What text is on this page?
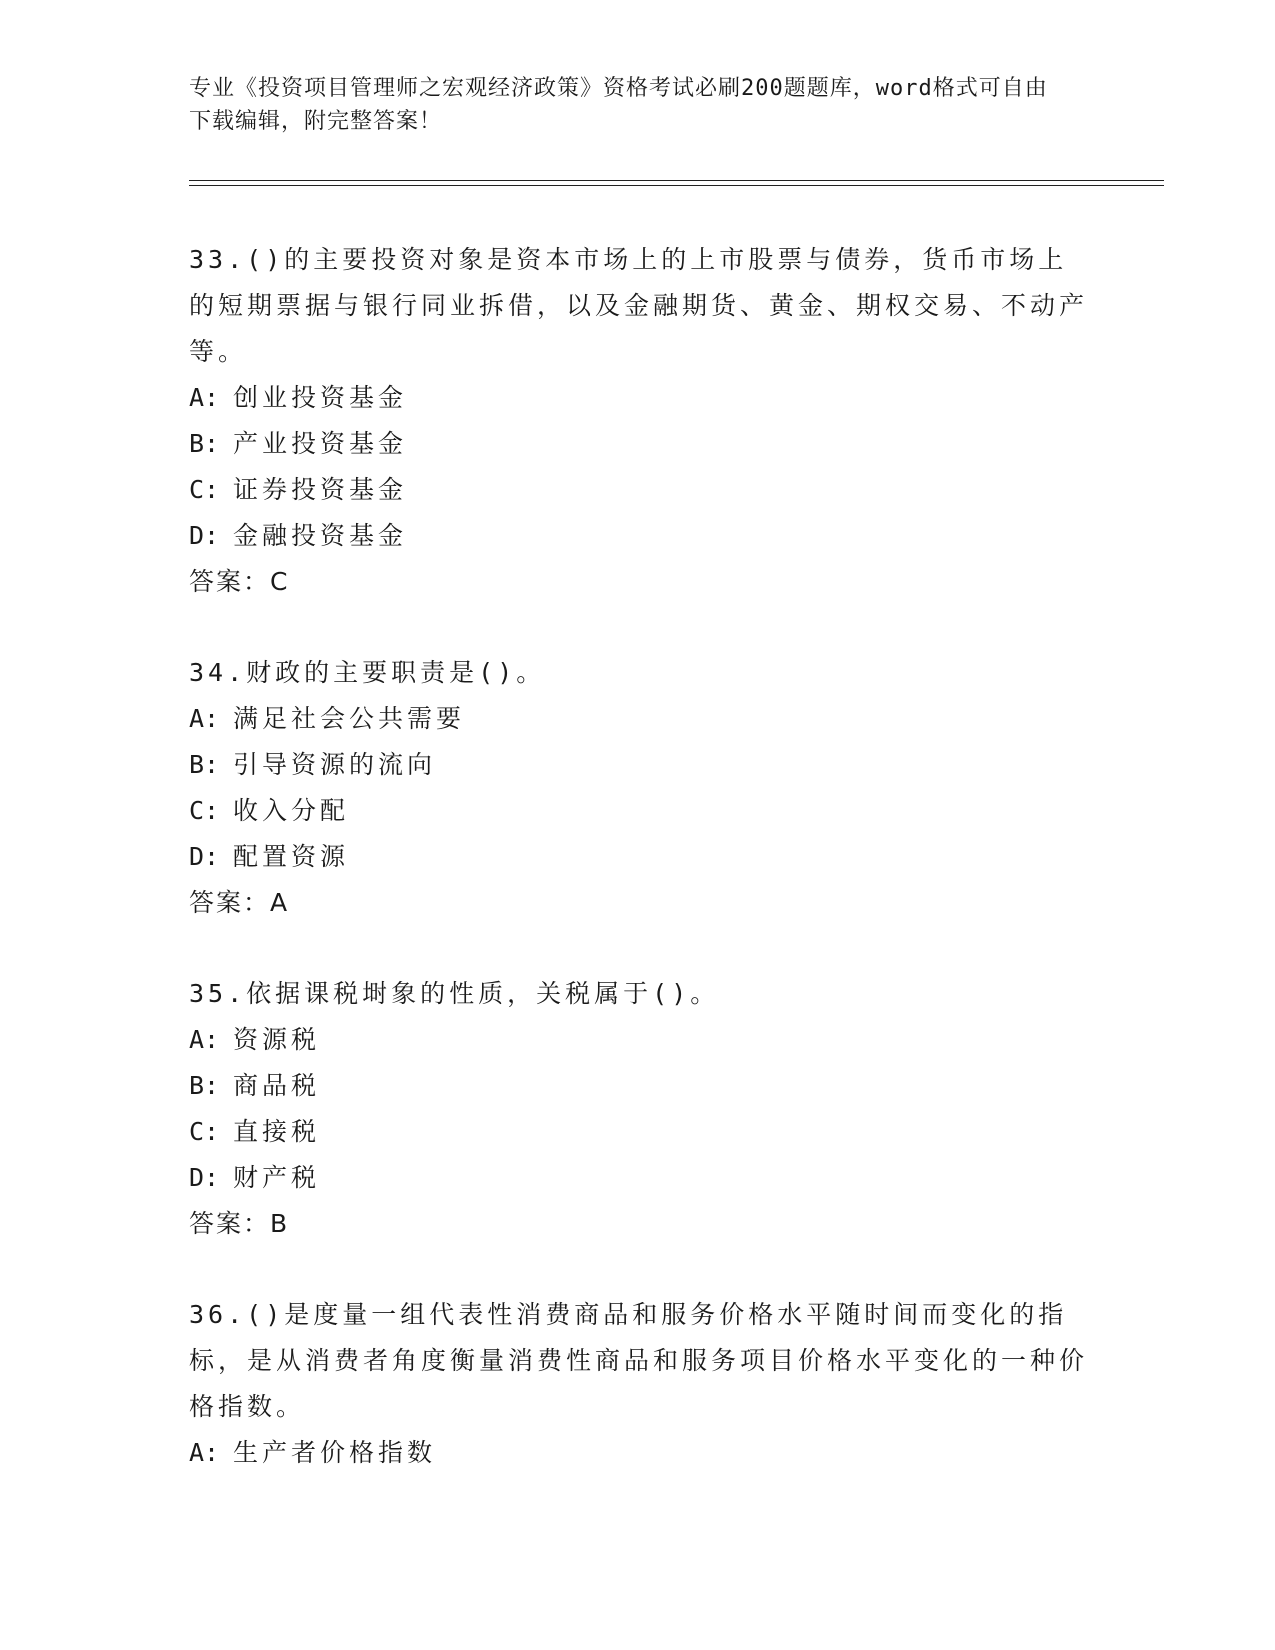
专业《投资项目管理师之宏观经济政策》资格考试必刷200题题库，word格式可自由下载编辑，附完整答案！

33.()的主要投资对象是资本市场上的上市股票与债券，货币市场上的短期票据与银行同业拆借，以及金融期货、黄金、期权交易、不动产等。

A: 创业投资基金

B: 产业投资基金

C: 证券投资基金

D: 金融投资基金

答案：C

34.财政的主要职责是()。

A: 满足社会公共需要

B: 引导资源的流向

C: 收入分配

D: 配置资源

答案：A

35.依据课税埘象的性质，关税属于()。

A: 资源税

B: 商品税

C: 直接税

D: 财产税

答案：B

36.()是度量一组代表性消费商品和服务价格水平随时间而变化的指标，是从消费者角度衡量消费性商品和服务项目价格水平变化的一种价格指数。

A: 生产者价格指数
